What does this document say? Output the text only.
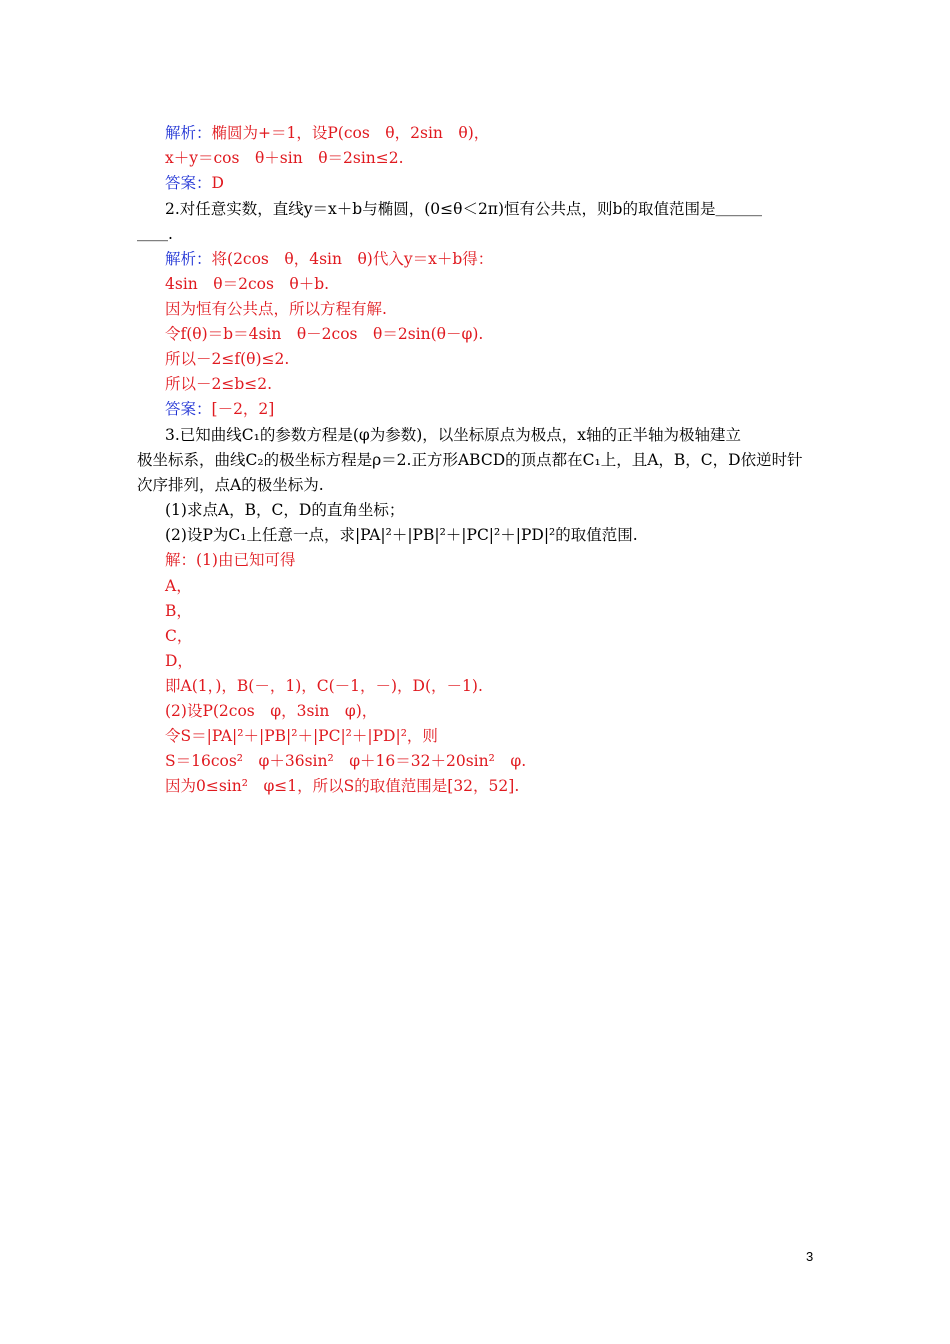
解析：椭圆为+＝1，设P(cos　θ，2sin　θ)，
x＋y＝cos　θ＋sin　θ＝2sin≤2.
答案：D
2.对任意实数，直线y＝x＋b与椭圆，(0≤θ＜2π)恒有公共点，则b的取值范围是＿＿＿
＿＿.
解析：将(2cos　θ，4sin　θ)代入y＝x＋b得：
4sin　θ＝2cos　θ＋b.
因为恒有公共点，所以方程有解.
令f(θ)＝b＝4sin　θ－2cos　θ＝2sin(θ－φ).
所以－2≤f(θ)≤2.
所以－2≤b≤2.
答案：[－2，2]
3.已知曲线C₁的参数方程是(φ为参数)，以坐标原点为极点，x轴的正半轴为极轴建立
极坐标系，曲线C₂的极坐标方程是ρ＝2.正方形ABCD的顶点都在C₁上，且A，B，C，D依逆时针
次序排列，点A的极坐标为.
(1)求点A，B，C，D的直角坐标；
(2)设P为C₁上任意一点，求|PA|²＋|PB|²＋|PC|²＋|PD|²的取值范围.
解：(1)由已知可得
A，
B，
C，
D，
即A(1，)，B(－，1)，C(－1，－)，D(，－1).
(2)设P(2cos　φ，3sin　φ)，
令S＝|PA|²＋|PB|²＋|PC|²＋|PD|²，则
S＝16cos²　φ＋36sin²　φ＋16＝32＋20sin²　φ.
因为0≤sin²　φ≤1，所以S的取值范围是[32，52].
3
